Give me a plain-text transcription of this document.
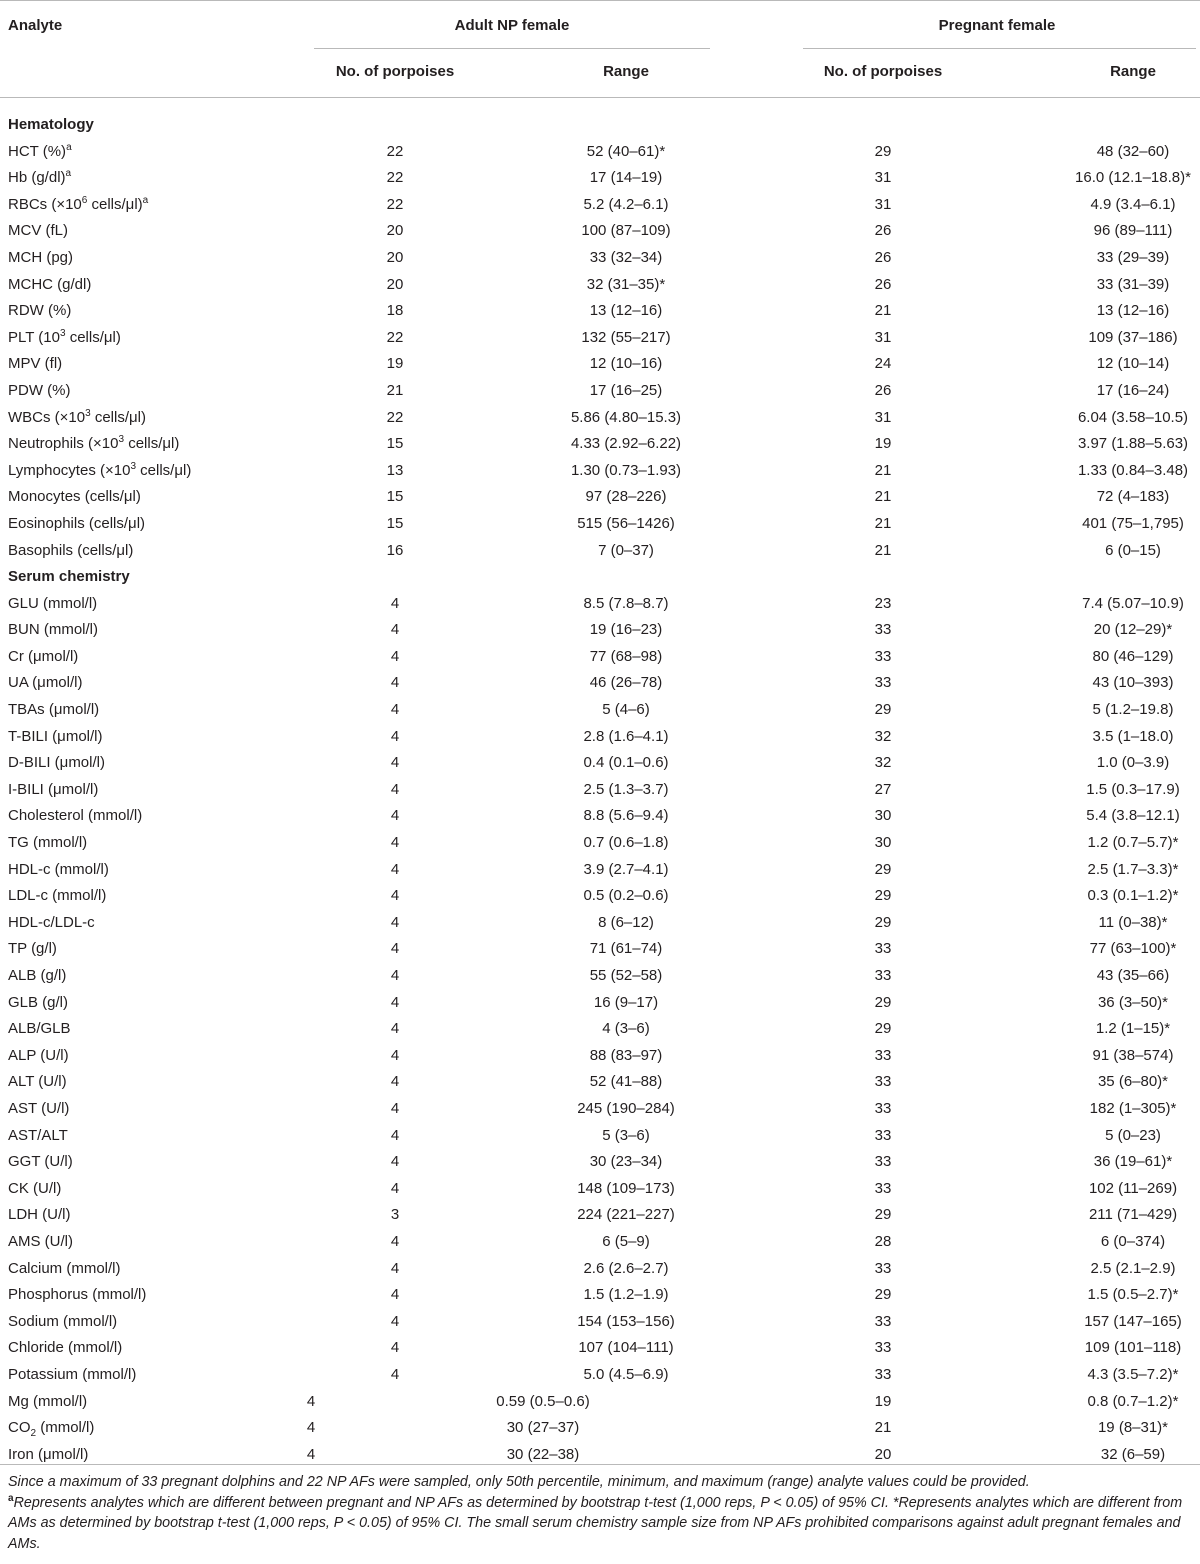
Analyte	Adult NP female	Pregnant female
No. of porpoises	Range	No. of porpoises	Range
Hematology
HCT (%)$^a$	22	52 (40–61)*	29	48 (32–60)
Hb $(g/dl)^a$	22	17 (14–19)	31	16.0 (12.1–18.8)*
RBCs ($\times 10^6$ cells/μl)$^a$	22	5.2 (4.2–6.1)	31	4.9 (3.4–6.1)
MCV (fL)	20	100 (87–109)	26	96 (89–111)
MCH (pg)	20	33 (32–34)	26	33 (29–39)
MCHC (g/dl)	20	32 (31–35)*	26	33 (31–39)
RDW (%)	18	13 (12–16)	21	13 (12–16)
PLT ($10^3$ cells/μl)	22	132 (55–217)	31	109 (37–186)
MPV (fl)	19	12 (10–16)	24	12 (10–14)
PDW (%)	21	17 (16–25)	26	17 (16–24)
WBCs ($\times 10^3$ cells/μl)	22	5.86 (4.80–15.3)	31	6.04 (3.58–10.5)
Neutrophils ($\times 10^3$ cells/μl)	15	4.33 (2.92–6.22)	19	3.97 (1.88–5.63)
Lymphocytes ($\times 10^3$ cells/μl)	13	1.30 (0.73–1.93)	21	1.33 (0.84–3.48)
Monocytes (cells/μl)	15	97 (28–226)	21	72 (4–183)
Eosinophils (cells/μl)	15	515 (56–1426)	21	401 (75–1,795)
Basophils (cells/μl)	16	7 (0–37)	21	6 (0–15)
Serum chemistry
GLU (mmol/l)	4	8.5 (7.8–8.7)	23	7.4 (5.07–10.9)
BUN (mmol/l)	4	19 (16–23)	33	20 (12–29)*
Cr (μmol/l)	4	77 (68–98)	33	80 (46–129)
UA (μmol/l)	4	46 (26–78)	33	43 (10–393)
TBAs (μmol/l)	4	5 (4–6)	29	5 (1.2–19.8)
T-BILI (μmol/l)	4	2.8 (1.6–4.1)	32	3.5 (1–18.0)
D-BILI (μmol/l)	4	0.4 (0.1–0.6)	32	1.0 (0–3.9)
I-BILI (μmol/l)	4	2.5 (1.3–3.7)	27	1.5 (0.3–17.9)
Cholesterol (mmol/l)	4	8.8 (5.6–9.4)	30	5.4 (3.8–12.1)
TG (mmol/l)	4	0.7 (0.6–1.8)	30	1.2 (0.7–5.7)*
HDL-c (mmol/l)	4	3.9 (2.7–4.1)	29	2.5 (1.7–3.3)*
LDL-c (mmol/l)	4	0.5 (0.2–0.6)	29	0.3 (0.1–1.2)*
HDL-c/LDL-c	4	8 (6–12)	29	11 (0–38)*
TP (g/l)	4	71 (61–74)	33	77 (63–100)*
ALB (g/l)	4	55 (52–58)	33	43 (35–66)
GLB (g/l)	4	16 (9–17)	29	36 (3–50)*
ALB/GLB	4	4 (3–6)	29	1.2 (1–15)*
ALP (U/l)	4	88 (83–97)	33	91 (38–574)
ALT (U/l)	4	52 (41–88)	33	35 (6–80)*
AST (U/l)	4	245 (190–284)	33	182 (1–305)*
AST/ALT	4	5 (3–6)	33	5 (0–23)
GGT (U/l)	4	30 (23–34)	33	36 (19–61)*
CK (U/l)	4	148 (109–173)	33	102 (11–269)
LDH (U/l)	3	224 (221–227)	29	211 (71–429)
AMS (U/l)	4	6 (5–9)	28	6 (0–374)
Calcium (mmol/l)	4	2.6 (2.6–2.7)	33	2.5 (2.1–2.9)
Phosphorus (mmol/l)	4	1.5 (1.2–1.9)	29	1.5 (0.5–2.7)*
Sodium (mmol/l)	4	154 (153–156)	33	157 (147–165)
Chloride (mmol/l)	4	107 (104–111)	33	109 (101–118)
Potassium (mmol/l)	4	5.0 (4.5–6.9)	33	4.3 (3.5–7.2)*
Mg (mmol/l)	4	0.59 (0.5–0.6)	19	0.8 (0.7–1.2)*
$CO_2$ (mmol/l)	4	30 (27–37)	21	19 (8–31)*
Iron (μmol/l)	4	30 (22–38)	20	32 (6–59)

Since a maximum of 33 pregnant dolphins and 22 NP AFs were sampled, only 50th percentile, minimum, and maximum (range) analyte values could be provided.

$^a$Represents analytes which are different between pregnant and NP AFs as determined by bootstrap t-test (1,000 reps, P < 0.05) of 95% CI. *Represents analytes which are different from AMs as determined by bootstrap t-test (1,000 reps, P < 0.05) of 95% CI. The small serum chemistry sample size from NP AFs prohibited comparisons against adult pregnant females and AMs.
